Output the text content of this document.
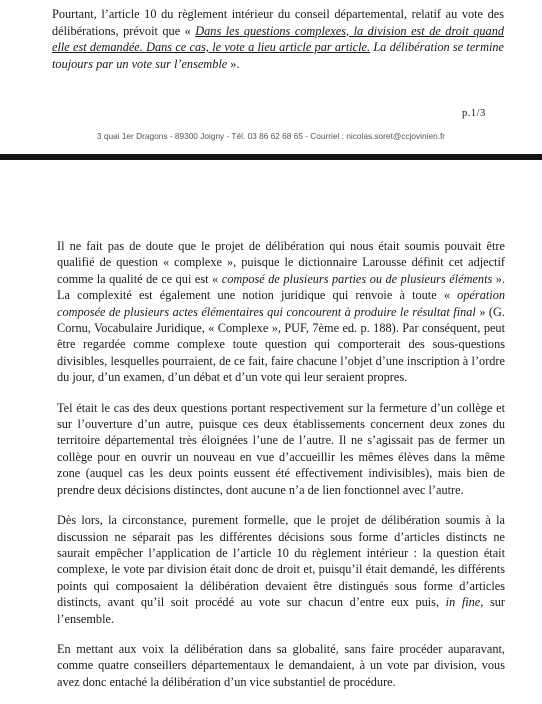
Pourtant, l’article 10 du règlement intérieur du conseil départemental, relatif au vote des délibérations, prévoit que « Dans les questions complexes, la division est de droit quand elle est demandée. Dans ce cas, le vote a lieu article par article. La délibération se termine toujours par un vote sur l’ensemble ».

p.1/3
3 quai 1er Dragons - 89300 Joigny - Tél. 03 86 62 68 65 - Courriel : nicolas.soret@ccjovinien.fr

Il ne fait pas de doute que le projet de délibération qui nous était soumis pouvait être qualifié de question « complexe », puisque le dictionnaire Larousse définit cet adjectif comme la qualité de ce qui est « composé de plusieurs parties ou de plusieurs éléments ». La complexité est également une notion juridique qui renvoie à toute « opération composée de plusieurs actes élémentaires qui concourent à produire le résultat final » (G. Cornu, Vocabulaire Juridique, « Complexe », PUF, 7ème ed. p. 188). Par conséquent, peut être regardée comme complexe toute question qui comporterait des sous-questions divisibles, lesquelles pourraient, de ce fait, faire chacune l’objet d’une inscription à l’ordre du jour, d’un examen, d’un débat et d’un vote qui leur seraient propres.

Tel était le cas des deux questions portant respectivement sur la fermeture d’un collège et sur l’ouverture d’un autre, puisque ces deux établissements concernent deux zones du territoire départemental très éloignées l’une de l’autre. Il ne s’agissait pas de fermer un collège pour en ouvrir un nouveau en vue d’accueillir les mêmes élèves dans la même zone (auquel cas les deux points eussent été effectivement indivisibles), mais bien de prendre deux décisions distinctes, dont aucune n’a de lien fonctionnel avec l’autre.

Dès lors, la circonstance, purement formelle, que le projet de délibération soumis à la discussion ne séparait pas les différentes décisions sous forme d’articles distincts ne saurait empêcher l’application de l’article 10 du règlement intérieur : la question était complexe, le vote par division était donc de droit et, puisqu’il était demandé, les différents points qui composaient la délibération devaient être distingués sous forme d’articles distincts, avant qu’il soit procédé au vote sur chacun d’entre eux puis, in fine, sur l’ensemble.

En mettant aux voix la délibération dans sa globalité, sans faire procéder auparavant, comme quatre conseillers départementaux le demandaient, à un vote par division, vous avez donc entaché la délibération d’un vice substantiel de procédure.
